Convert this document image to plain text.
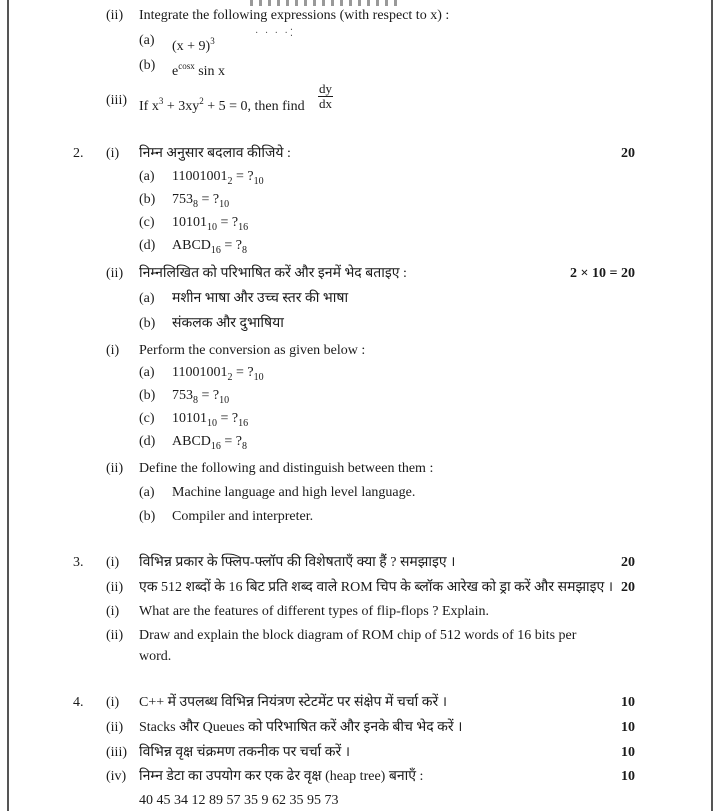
· · · ·⁚
(ii) Integrate the following expressions (with respect to x) :
(a) $(x + 9)^3$
(b) $e^{cosx}$ sin x
(iii) If $x^3 + 3xy^2 + 5 = 0$, then find $\frac{dy}{dx}$
2. (i) निम्न अनुसार बदलाव कीजिये :	20
(a) $11001001_2$ = $?_{10}$
(b) $753_8$ = $?_{10}$
(c) $10101_{10}$ = $?_{16}$
(d) $ABCD_{16}$ = $?_8$
(ii) निम्नलिखित को परिभाषित करें और इनमें भेद बताइए :	2 × 10 = 20
(a) मशीन भाषा और उच्च स्तर की भाषा
(b) संकलक और दुभाषिया
(i) Perform the conversion as given below :
(a) $11001001_2$ = $?_{10}$
(b) $753_8$ = $?_{10}$
(c) $10101_{10}$ = $?_{16}$
(d) $ABCD_{16}$ = $?_8$
(ii) Define the following and distinguish between them :
(a) Machine language and high level language.
(b) Compiler and interpreter.
3. (i) विभिन्न प्रकार के फ्लिप-फ्लॉप की विशेषताएँ क्या हैं ? समझाइए ।	20
(ii) एक 512 शब्दों के 16 बिट प्रति शब्द वाले ROM चिप के ब्लॉक आरेख को ड्रा करें और समझाइए । 20
(i) What are the features of different types of flip-flops ? Explain.
(ii) Draw and explain the block diagram of ROM chip of 512 words of 16 bits per
word.
4. (i) C++ में उपलब्ध विभिन्न नियंत्रण स्टेटमेंट पर संक्षेप में चर्चा करें ।	10
(ii) Stacks और Queues को परिभाषित करें और इनके बीच भेद करें ।	10
(iii) विभिन्न वृक्ष चंक्रमण तकनीक पर चर्चा करें ।	10
(iv) निम्न डेटा का उपयोग कर एक ढेर वृक्ष (heap tree) बनाएँ :	10
40 45 34 12 89 57 35 9 62 35 95 73
